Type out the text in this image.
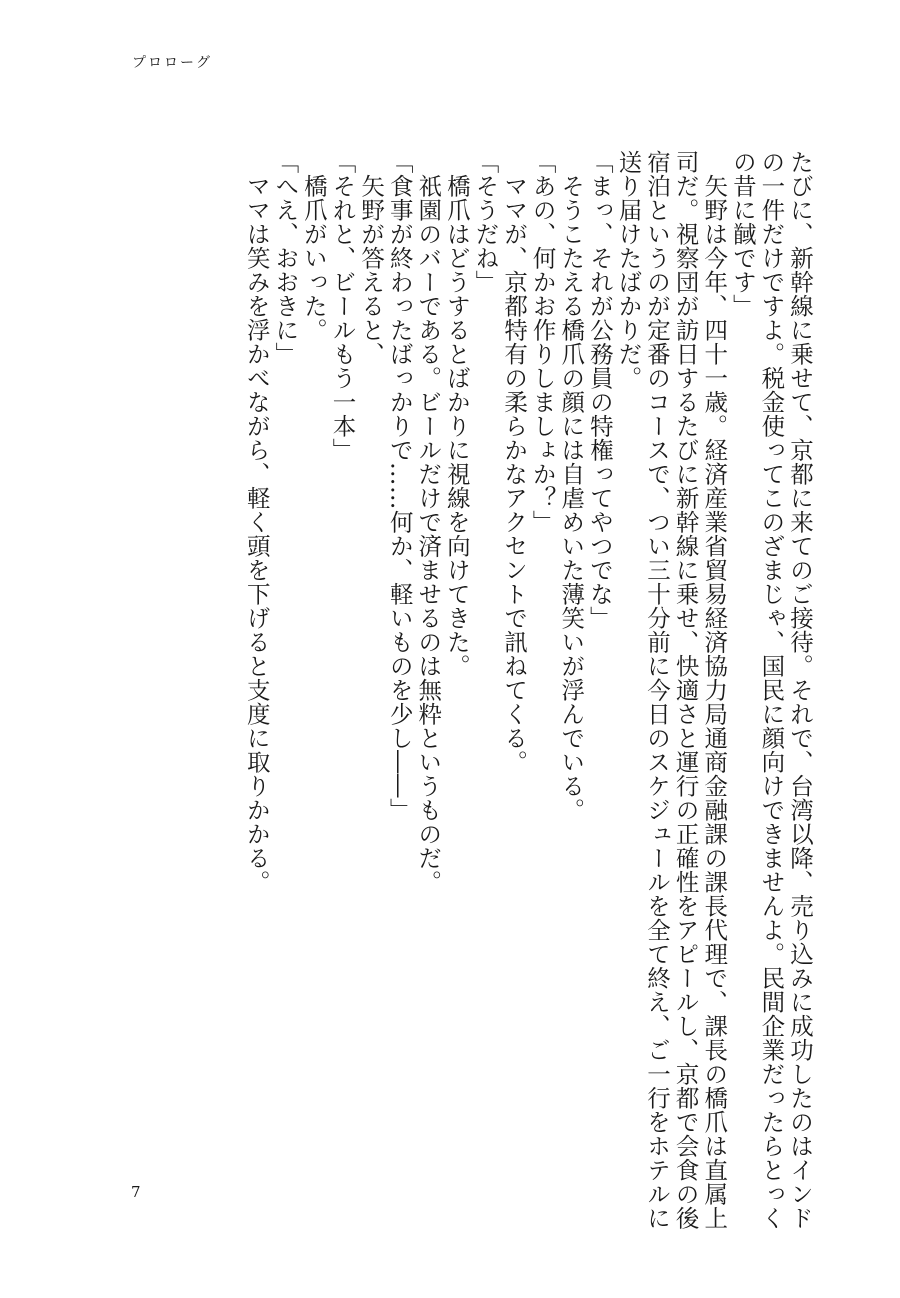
プロローグ

たびに、新幹線に乗せて、京都に来てのご接待。それで、台湾以降、売り込みに成功したのはインド

の一件だけですよ。税金使ってこのざまじゃ、国民に顔向けできませんよ。民間企業だったらとっく

の昔に馘です」

　矢野は今年、四十一歳。経済産業省貿易経済協力局通商金融課の課長代理で、課長の橋爪は直属上

司だ。視察団が訪日するたびに新幹線に乗せ、快適さと運行の正確性をアピールし、京都で会食の後

宿泊というのが定番のコースで、つい三十分前に今日のスケジュールを全て終え、ご一行をホテルに

送り届けたばかりだ。

「まっ、それが公務員の特権ってやつでな」

　そうこたえる橋爪の顔には自虐めいた薄笑いが浮んでいる。

「あの、何かお作りしましょか？」

　ママが、京都特有の柔らかなアクセントで訊ねてくる。

「そうだね」

　橋爪はどうするとばかりに視線を向けてきた。

　祇園のバーである。ビールだけで済ませるのは無粋というものだ。

「食事が終わったばっかりで……何か、軽いものを少し――」

　矢野が答えると、

「それと、ビールもう一本」

　橋爪がいった。

「へえ、おおきに」

　ママは笑みを浮かべながら、軽く頭を下げると支度に取りかかる。

7
